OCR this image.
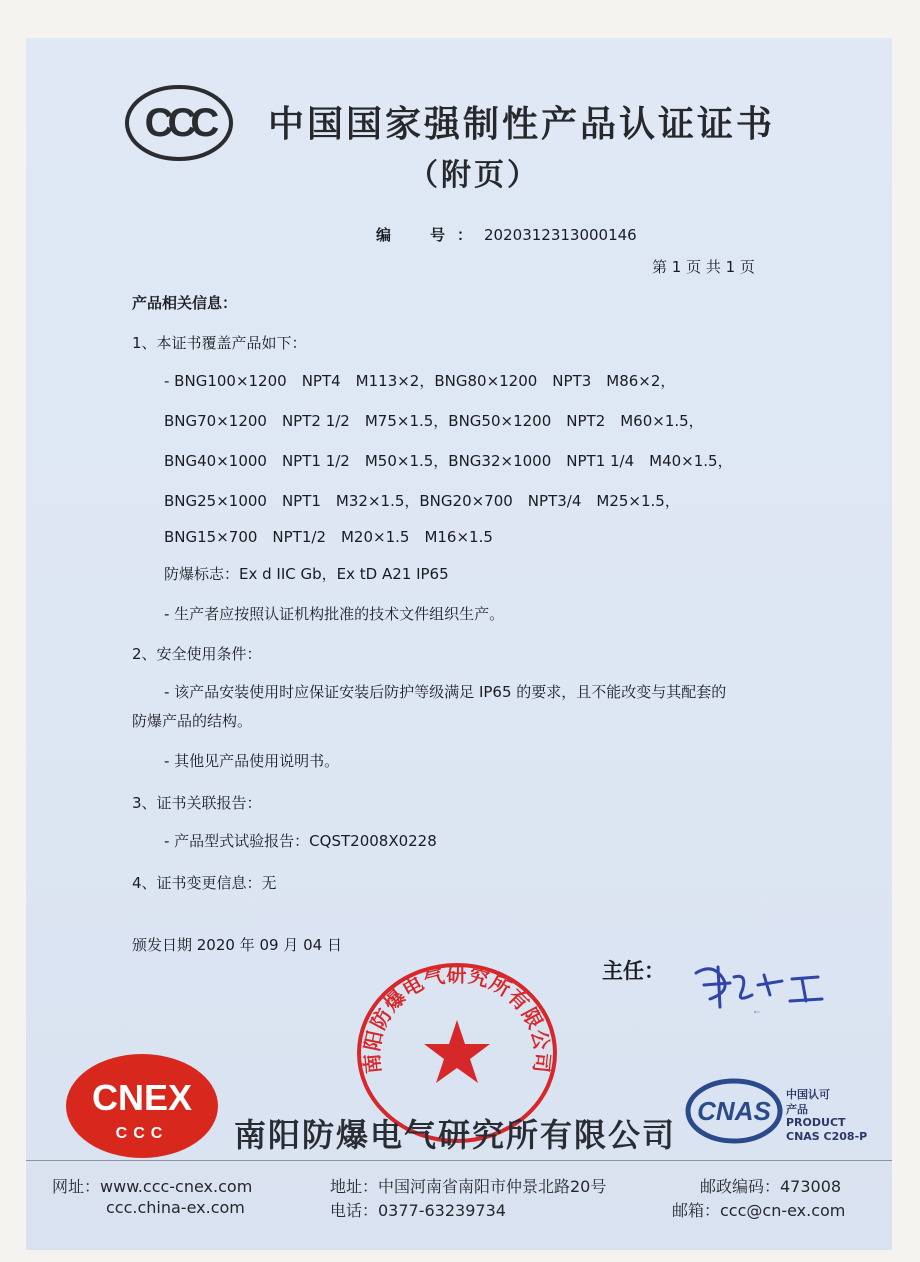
CCC 中国国家强制性产品认证证书
（附页）
编　号：2020312313000146
第 1 页 共 1 页
产品相关信息：
1、本证书覆盖产品如下：
- BNG100×1200　NPT4　M113×2，BNG80×1200　NPT3　M86×2，
BNG70×1200　NPT2 1/2　M75×1.5，BNG50×1200　NPT2　M60×1.5，
BNG40×1000　NPT1 1/2　M50×1.5，BNG32×1000　NPT1 1/4　M40×1.5，
BNG25×1000　NPT1　M32×1.5，BNG20×700　NPT3/4　M25×1.5，
BNG15×700　NPT1/2　M20×1.5　M16×1.5
防爆标志：Ex d IIC Gb，Ex tD A21 IP65
- 生产者应按照认证机构批准的技术文件组织生产。
2、安全使用条件：
- 该产品安装使用时应保证安装后防护等级满足 IP65 的要求，且不能改变与其配套的
防爆产品的结构。
- 其他见产品使用说明书。
3、证书关联报告：
- 产品型式试验报告：CQST2008X0228
4、证书变更信息：无
颁发日期 2020 年 09 月 04 日
主任：
穆大玉
南阳防爆电气研究所有限公司
CNEX
CCC 南阳防爆电气研究所有限公司
CNAS
中国认可
产品
PRODUCT
CNAS C208-P
网址：www.ccc-cnex.com
ccc.china-ex.com
地址：中国河南省南阳市仲景北路20号
电话：0377-63239734
邮政编码：473008
邮箱：ccc@cn-ex.com
